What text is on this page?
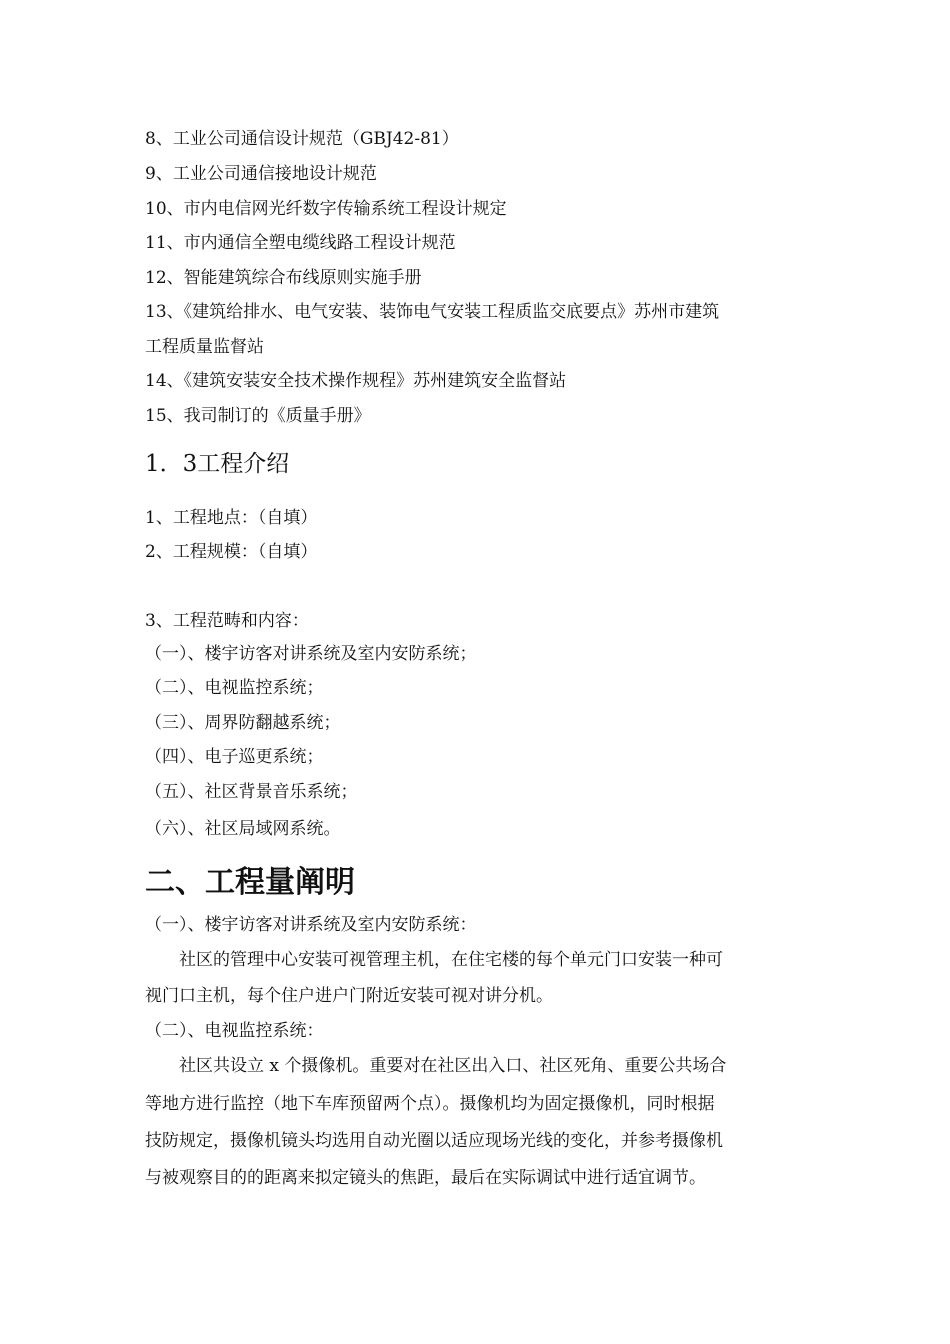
8、工业公司通信设计规范（GBJ42-81）
9、工业公司通信接地设计规范
10、市内电信网光纤数字传输系统工程设计规定
11、市内通信全塑电缆线路工程设计规范
12、智能建筑综合布线原则实施手册
13、《建筑给排水、电气安装、装饰电气安装工程质监交底要点》苏州市建筑
工程质量监督站
14、《建筑安装安全技术操作规程》苏州建筑安全监督站
15、我司制订的《质量手册》
1．3工程介绍
1、工程地点：（自填）
2、工程规模：（自填）
3、工程范畴和内容：
（一）、楼宇访客对讲系统及室内安防系统；
（二）、电视监控系统；
（三）、周界防翻越系统；
（四）、电子巡更系统；
（五）、社区背景音乐系统；
（六）、社区局域网系统。
二、工程量阐明
（一）、楼宇访客对讲系统及室内安防系统：
社区的管理中心安装可视管理主机，在住宅楼的每个单元门口安装一种可
视门口主机，每个住户进户门附近安装可视对讲分机。
（二）、电视监控系统：
社区共设立 x 个摄像机。重要对在社区出入口、社区死角、重要公共场合
等地方进行监控（地下车库预留两个点）。摄像机均为固定摄像机，同时根据
技防规定，摄像机镜头均选用自动光圈以适应现场光线的变化，并参考摄像机
与被观察目的的距离来拟定镜头的焦距，最后在实际调试中进行适宜调节。
